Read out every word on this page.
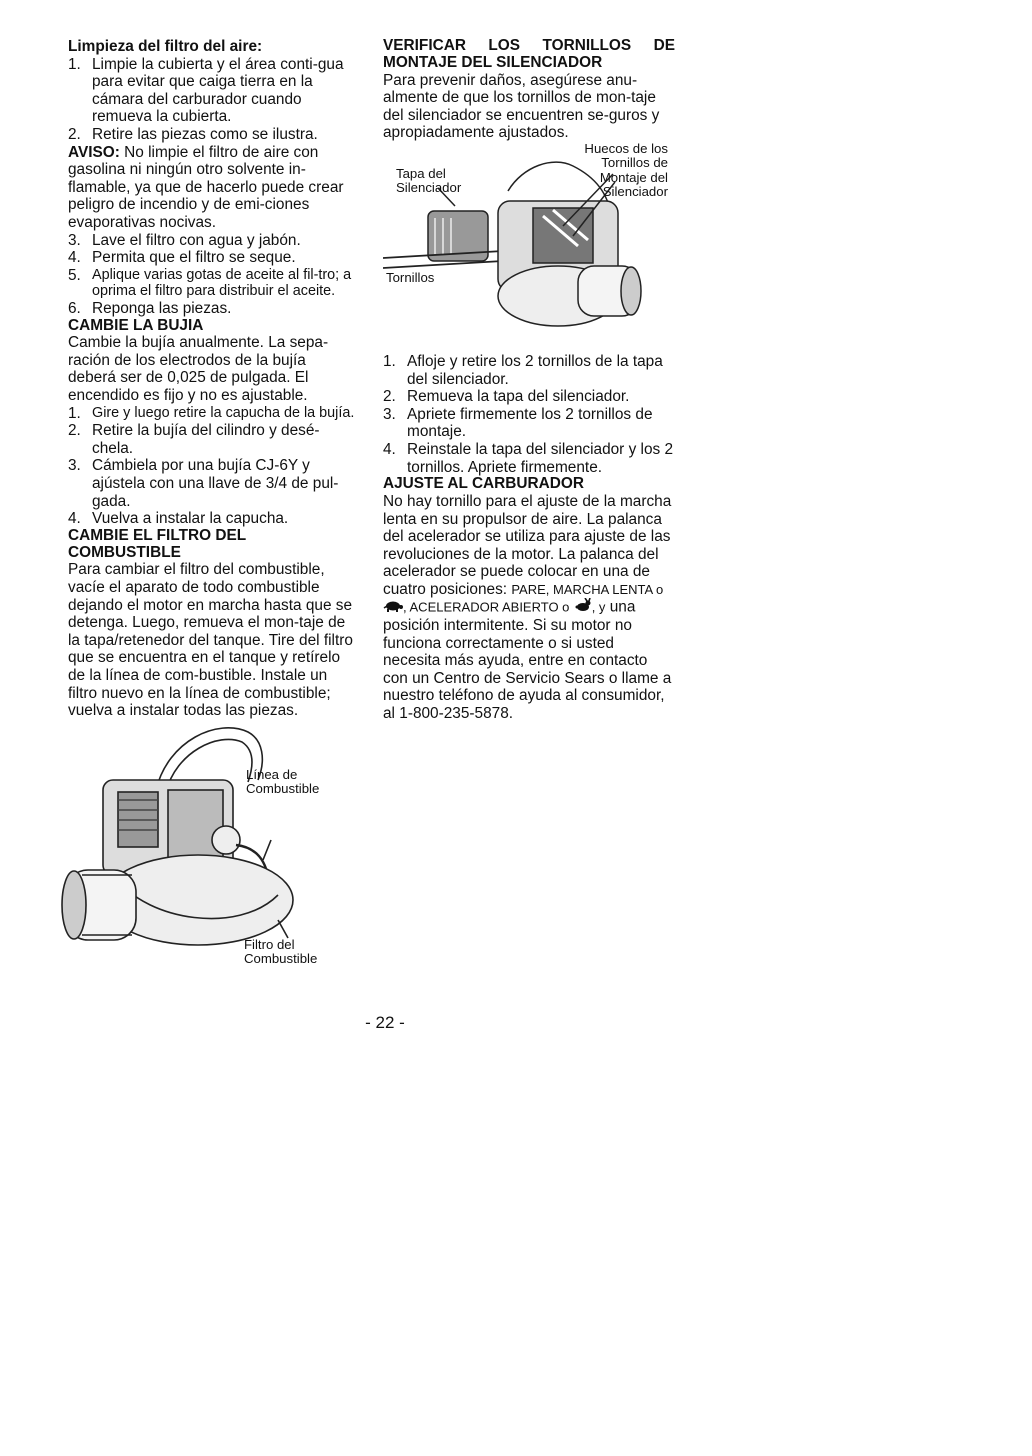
Limpieza del filtro del aire:

1. Limpie la cubierta y el área conti-gua para evitar que caiga tierra en la cámara del carburador cuando remueva la cubierta.
2. Retire las piezas como se ilustra.

AVISO: No limpie el filtro de aire con gasolina ni ningún otro solvente in-flamable, ya que de hacerlo puede crear peligro de incendio y de emi-ciones evaporativas nocivas.

3. Lave el filtro con agua y jabón.
4. Permita que el filtro se seque.
5. Aplique varias gotas de aceite al fil-tro; a oprima el filtro para distribuir el aceite.
6. Reponga las piezas.

CAMBIE LA BUJIA

Cambie la bujía anualmente. La sepa-ración de los electrodos de la bujía deberá ser de 0,025 de pulgada. El encendido es fijo y no es ajustable.

1. Gire y luego retire la capucha de la bujía.
2. Retire la bujía del cilindro y desé-chela.
3. Cámbiela por una bujía CJ-6Y y ajústela con una llave de 3/4 de pul-gada.
4. Vuelva a instalar la capucha.

CAMBIE EL FILTRO DEL

COMBUSTIBLE

Para cambiar el filtro del combustible, vacíe el aparato de todo combustible dejando el motor en marcha hasta que se detenga. Luego, remueva el mon-taje de la tapa/retenedor del tanque. Tire del filtro que se encuentra en el tanque y retírelo de la línea de com-bustible. Instale un filtro nuevo en la línea de combustible; vuelva a instalar todas las piezas.

Línea de Combustible
Filtro del Combustible

VERIFICAR LOS TORNILLOS DE

MONTAJE DEL SILENCIADOR

Para prevenir daños, asegúrese anu-almente de que los tornillos de mon-taje del silenciador se encuentren se-guros y apropiadamente ajustados.

Huecos de los Tornillos de Montaje del Silenciador
Tapa del Silenciador
Tornillos
1. Afloje y retire los 2 tornillos de la tapa del silenciador.
2. Remueva la tapa del silenciador.
3. Apriete firmemente los 2 tornillos de montaje.
4. Reinstale la tapa del silenciador y los 2 tornillos. Apriete firmemente.

AJUSTE AL CARBURADOR

No hay tornillo para el ajuste de la marcha lenta en su propulsor de aire. La palanca del acelerador se utiliza para ajuste de las revoluciones de la motor. La palanca del acelerador se puede colocar en una de cuatro posiciones: PARE, MARCHA LENTA o , ACELERADOR ABIERTO o , y una posición intermitente. Si su motor no funciona correctamente o si usted necesita más ayuda, entre en contacto con un Centro de Servicio Sears o llame a nuestro teléfono de ayuda al consumidor, al 1-800-235-5878.

- 22 -
